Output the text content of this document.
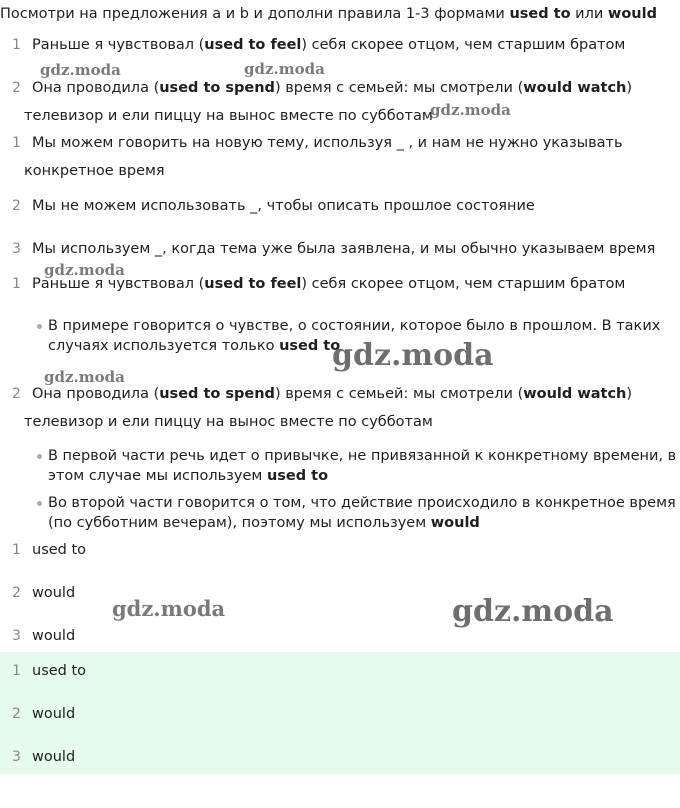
Посмотри на предложения a и b и дополни правила 1-3 формами used to или would
1 Раньше я чувствовал (used to feel) себя скорее отцом, чем старшим братом
2 Она проводила (used to spend) время с семьей: мы смотрели (would watch)
телевизор и ели пиццу на вынос вместе по субботам
1 Мы можем говорить на новую тему, используя _ , и нам не нужно указывать
конкретное время
2 Мы не можем использовать _, чтобы описать прошлое состояние
3 Мы используем _, когда тема уже была заявлена, и мы обычно указываем время
1 Раньше я чувствовал (used to feel) себя скорее отцом, чем старшим братом
В примере говорится о чувстве, о состоянии, которое было в прошлом. В таких
случаях используется только used to
2 Она проводила (used to spend) время с семьей: мы смотрели (would watch)
телевизор и ели пиццу на вынос вместе по субботам
В первой части речь идет о привычке, не привязанной к конкретному времени, в
этом случае мы используем used to
Во второй части говорится о том, что действие происходило в конкретное время
(по субботним вечерам), поэтому мы используем would
1 used to
2 would
3 would
1 used to
2 would
3 would
gdz.moda	gdz.moda
gdz.moda
gdz.moda
gdz.moda
gdz.moda
gdz.moda	gdz.moda
